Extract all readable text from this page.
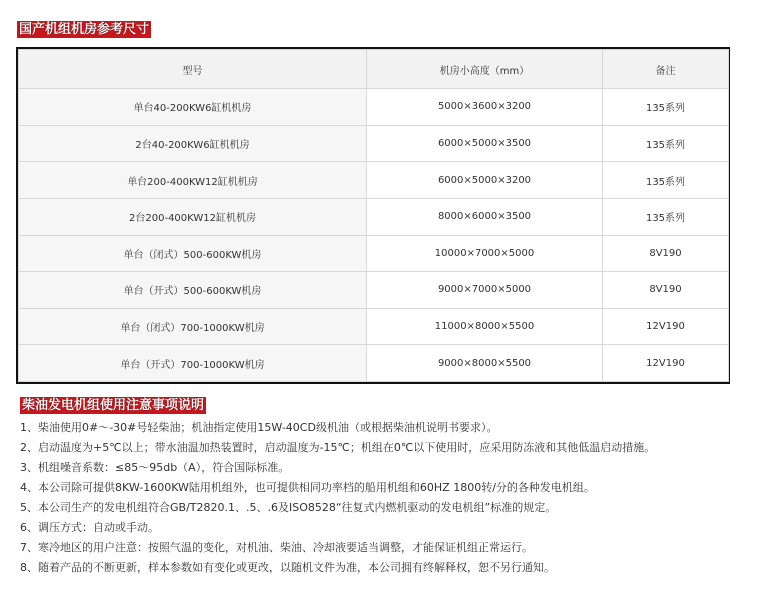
国产机组机房参考尺寸
型号	机房小高度（mm）	备注
单台40-200KW6缸机机房	5000×3600×3200	135系列
2台40-200KW6缸机机房	6000×5000×3500	135系列
单台200-400KW12缸机机房	6000×5000×3200	135系列
2台200-400KW12缸机机房	8000×6000×3500	135系列
单台（闭式）500-600KW机房	10000×7000×5000	8V190
单台（开式）500-600KW机房	9000×7000×5000	8V190
单台（闭式）700-1000KW机房	11000×8000×5500	12V190
单台（开式）700-1000KW机房	9000×8000×5500	12V190
柴油发电机组使用注意事项说明
1、柴油使用0#～-30#号轻柴油；机油指定使用15W-40CD级机油（或根据柴油机说明书要求）。
2、启动温度为+5℃以上；带水油温加热装置时，启动温度为-15℃；机组在0℃以下使用时，应采用防冻液和其他低温启动措施。
3、机组噪音系数：≤85～95db（A），符合国际标准。
4、本公司除可提供8KW-1600KW陆用机组外，也可提供相同功率档的船用机组和60HZ 1800转/分的各种发电机组。
5、本公司生产的发电机组符合GB/T2820.1、.5、.6及ISO8528“往复式内燃机驱动的发电机组”标准的规定。
6、调压方式：自动或手动。
7、寒冷地区的用户注意：按照气温的变化，对机油、柴油、冷却液要适当调整，才能保证机组正常运行。
8、随着产品的不断更新，样本参数如有变化或更改，以随机文件为准，本公司拥有终解释权，恕不另行通知。
